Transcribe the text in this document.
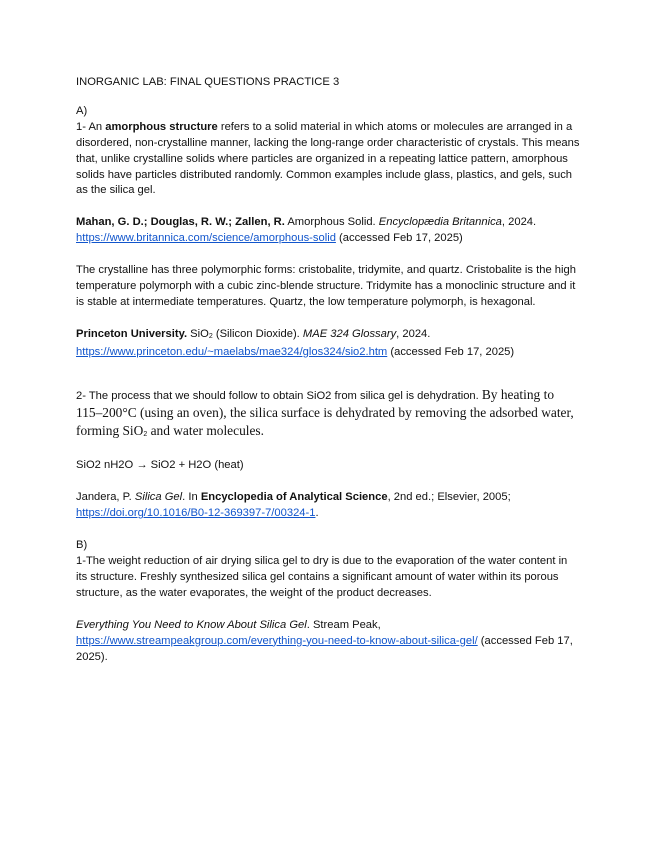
INORGANIC LAB: FINAL QUESTIONS PRACTICE 3

A)

1- An amorphous structure refers to a solid material in which atoms or molecules are arranged in a disordered, non-crystalline manner, lacking the long-range order characteristic of crystals. This means that, unlike crystalline solids where particles are organized in a repeating lattice pattern, amorphous solids have particles distributed randomly. Common examples include glass, plastics, and gels, such as the silica gel.

Mahan, G. D.; Douglas, R. W.; Zallen, R. Amorphous Solid. Encyclopædia Britannica, 2024.
https://www.britannica.com/science/amorphous-solid (accessed Feb 17, 2025)

The crystalline has three polymorphic forms: cristobalite, tridymite, and quartz. Cristobalite is the high temperature polymorph with a cubic zinc-blende structure. Tridymite has a monoclinic structure and it is stable at intermediate temperatures. Quartz, the low temperature polymorph, is hexagonal.

Princeton University. SiO$_2$ (Silicon Dioxide). MAE 324 Glossary, 2024.
https://www.princeton.edu/~maelabs/mae324/glos324/sio2.htm (accessed Feb 17, 2025)

2- The process that we should follow to obtain SiO2 from silica gel is dehydration. By heating to 115–200°C (using an oven), the silica surface is dehydrated by removing the adsorbed water, forming SiO$_2$ and water molecules.

SiO2 nH2O → SiO2 + H2O (heat)

Jandera, P. Silica Gel. In Encyclopedia of Analytical Science, 2nd ed.; Elsevier, 2005;
https://doi.org/10.1016/B0-12-369397-7/00324-1.

B)

1-The weight reduction of air drying silica gel to dry is due to the evaporation of the water content in its structure. Freshly synthesized silica gel contains a significant amount of water within its porous structure, as the water evaporates, the weight of the product decreases.

Everything You Need to Know About Silica Gel. Stream Peak,
https://www.streampeakgroup.com/everything-you-need-to-know-about-silica-gel/ (accessed Feb 17, 2025).
